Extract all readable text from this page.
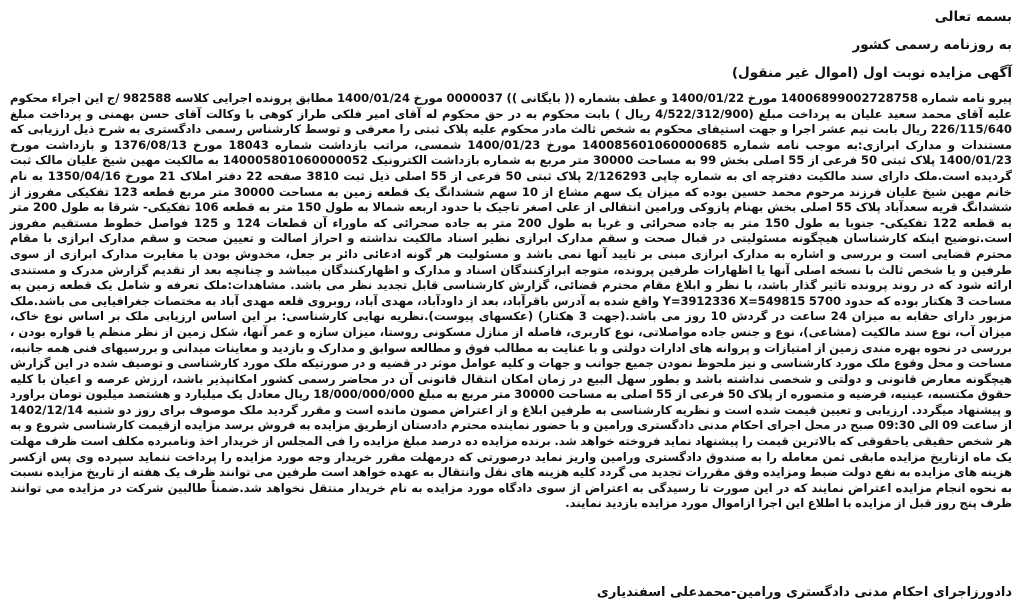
بسمه تعالی

به روزنامه رسمی کشور

آگهی مزایده نوبت اول (اموال غیر منقول)

پیرو نامه شماره 14006899002728758 مورخ 1400/01/22 و عطف بشماره (( بایگانی )) 0000037 مورخ 1400/01/24 مطابق پرونده اجرایی کلاسه 982588 /ج این اجراء محکوم علیه آقای محمد سعید علیان به پرداخت مبلغ (4/522/312/900 ریال ) بابت محکوم به در حق محکوم له آقای امیر فلکی طراز کوهی با وکالت آقای حسن بهمنی و پرداخت مبلغ 226/115/640 ریال بابت نیم عشر اجرا و جهت استیفای محکوم به شخص ثالث مادر محکوم علیه پلاک ثبتی را معرفی و توسط کارشناس رسمی دادگستری به شرح ذیل ارزیابی که مستندات و مدارک ابرازی:به موجب نامه شماره 140085601060000685 مورخ 1400/01/23 شمسی، مراتب بازداشت شماره 18043 مورخ 1376/08/13 و بازداشت مورخ 1400/01/23 پلاک ثبتی 50 فرعی از 55 اصلی بخش 99 به مساحت 30000 متر مربع به شماره بازداشت الکترونیک 140005801060000052 به مالکیت مهین شیخ علیان مالک ثبت گردیده است.ملک دارای سند مالکیت دفترچه ای به شماره چاپی 2/126293 پلاک ثبتی 50 فرعی از 55 اصلی ذیل ثبت 3810 صفحه 22 دفتر املاک 21 مورخ 1350/04/16 به نام خانم مهین شیخ علیان فرزند مرحوم محمد حسین بوده که میزان یک سهم مشاع از 10 سهم ششدانگ یک قطعه زمین به مساحت 30000 متر مربع قطعه 123 تفکیکی مفروز از ششدانگ قریه سعدآباد پلاک 55 اصلی بخش بهنام پازوکی ورامین انتقالی از علی اصغر تاجیک با حدود اربعه شمالا به طول 150 متر به قطعه 106 تفکیکی- شرقا به طول 200 متر به قطعه 122 تفکیکی- جنوبا به طول 150 متر به جاده صحرائی و غربا به طول 200 متر به جاده صحرائی که ماوراء آن قطعات 124 و 125 فواصل خطوط مستقیم مفروز است.توضیح اینکه کارشناسان هیچگونه مسئولیتی در قبال صحت و سقم مدارک ابرازی نظیر اسناد مالکیت نداشته و احراز اصالت و تعیین صحت و سقم مدارک ابرازی با مقام محترم قضایی است و بررسی و اشاره به مدارک ابرازی مبنی بر تایید آنها نمی باشد و مسئولیت هر گونه ادعائی دائر بر جعل، مخدوش بودن یا مغایرت مدارک ابرازی از سوی طرفین و یا شخص ثالث با نسخه اصلی آنها یا اظهارات طرفین پرونده، متوجه ابرازکنندگان اسناد و مدارک و اظهارکنندگان میباشد و چنانچه بعد از تقدیم گزارش مدرک و مستندی ارائه شود که در روند پرونده تاثیر گذار باشد، با نظر و ابلاغ مقام محترم قضائی، گزارش کارشناسی قابل تجدید نظر می باشد. مشاهدات:ملک تعرفه و شامل یک قطعه زمین به مساحت 3 هکتار بوده که حدود 5700 Y=3912336 X=549815 واقع شده به آدرس باقرآباد، بعد از داودآباد، مهدی آباد، روبروی قلعه مهدی آباد به مختصات جغرافیایی می باشد.ملک مزبور دارای حقابه به میزان 24 ساعت در گردش 10 روز می باشد.(جهت 3 هکتار) (عکسهای پیوست).نظریه نهایی کارشناسی: بر این اساس ارزیابی ملک بر اساس نوع خاک، میزان آب، نوع سند مالکیت (مشاعی)، نوع و جنس جاده مواصلاتی، نوع کاربری، فاصله از منازل مسکونی روستا، میزان سازه و عمر آنها، شکل زمین از نظر منظم یا قواره بودن ، بررسی در نحوه بهره مندی زمین از امتیازات و پروانه های ادارات دولتی و با عنایت به مطالب فوق و مطالعه سوابق و مدارک و بازدید و معاینات میدانی و بررسیهای فنی همه جانبه، مساحت و محل وقوع ملک مورد کارشناسی و نیز ملحوظ نمودن جمیع جوانب و جهات و کلیه عوامل موثر در قضیه و در صورتیکه ملک مورد کارشناسی و توصیف شده در این گزارش هیچگونه معارض قانونی و دولتی و شخصی نداشته باشد و بطور سهل البیع در زمان امکان انتقال قانونی آن در محاضر رسمی کشور امکانپذیر باشد، ارزش عرصه و اعیان با کلیه حقوق مکتسبه، عینیه، فرضیه و متصوره از پلاک 50 فرعی از 55 اصلی به مساحت 30000 متر مربع به مبلغ 18/000/000/000 ریال معادل یک میلیارد و هشتصد میلیون تومان براورد و پیشنهاد میگردد. ارزیابی و تعیین قیمت شده است و نظریه کارشناسی به طرفین ابلاغ و از اعتراض مصون مانده است و مقرر گردید ملک موصوف برای روز دو شنبه 1402/12/14 از ساعت 09 الی 09:30 صبح در محل اجرای احکام مدنی دادگستری ورامین و با حضور نماینده محترم دادستان ازطریق مزایده به فروش برسد مزایده ازقیمت کارشناسی شروع و به هر شخص حقیقی یاحقوقی که بالاترین قیمت را پیشنهاد نماید فروخته خواهد شد. برنده مزایده ده درصد مبلغ مزایده را فی المجلس از خریدار اخذ ونامبرده مکلف است ظرف مهلت یک ماه ازتاریخ مزایده مابقی ثمن معامله را به صندوق دادگستری ورامین واریز نماید درصورتی که درمهلت مقرر خریدار وجه مورد مزایده را پرداخت ننماید سپرده وی پس ازکسر هزینه های مزایده به نفع دولت ضبط ومزایده وفق مقررات تجدید می گردد کلیه هزینه های نقل وانتقال به عهده خواهد است طرفین می توانند ظرف یک هفته از تاریخ مزایده نسبت به نحوه انجام مزایده اعتراض نمایند که در این صورت تا رسیدگی به اعتراض از سوی دادگاه مورد مزایده به نام خریدار منتقل نخواهد شد.ضمناً طالبین شرکت در مزایده می توانند ظرف پنج روز قبل از مزایده با اطلاع این اجرا ازاموال مورد مزایده بازدید نمایند.

دادورزاجرای احکام مدنی دادگستری ورامین-محمدعلی اسفندیاری
